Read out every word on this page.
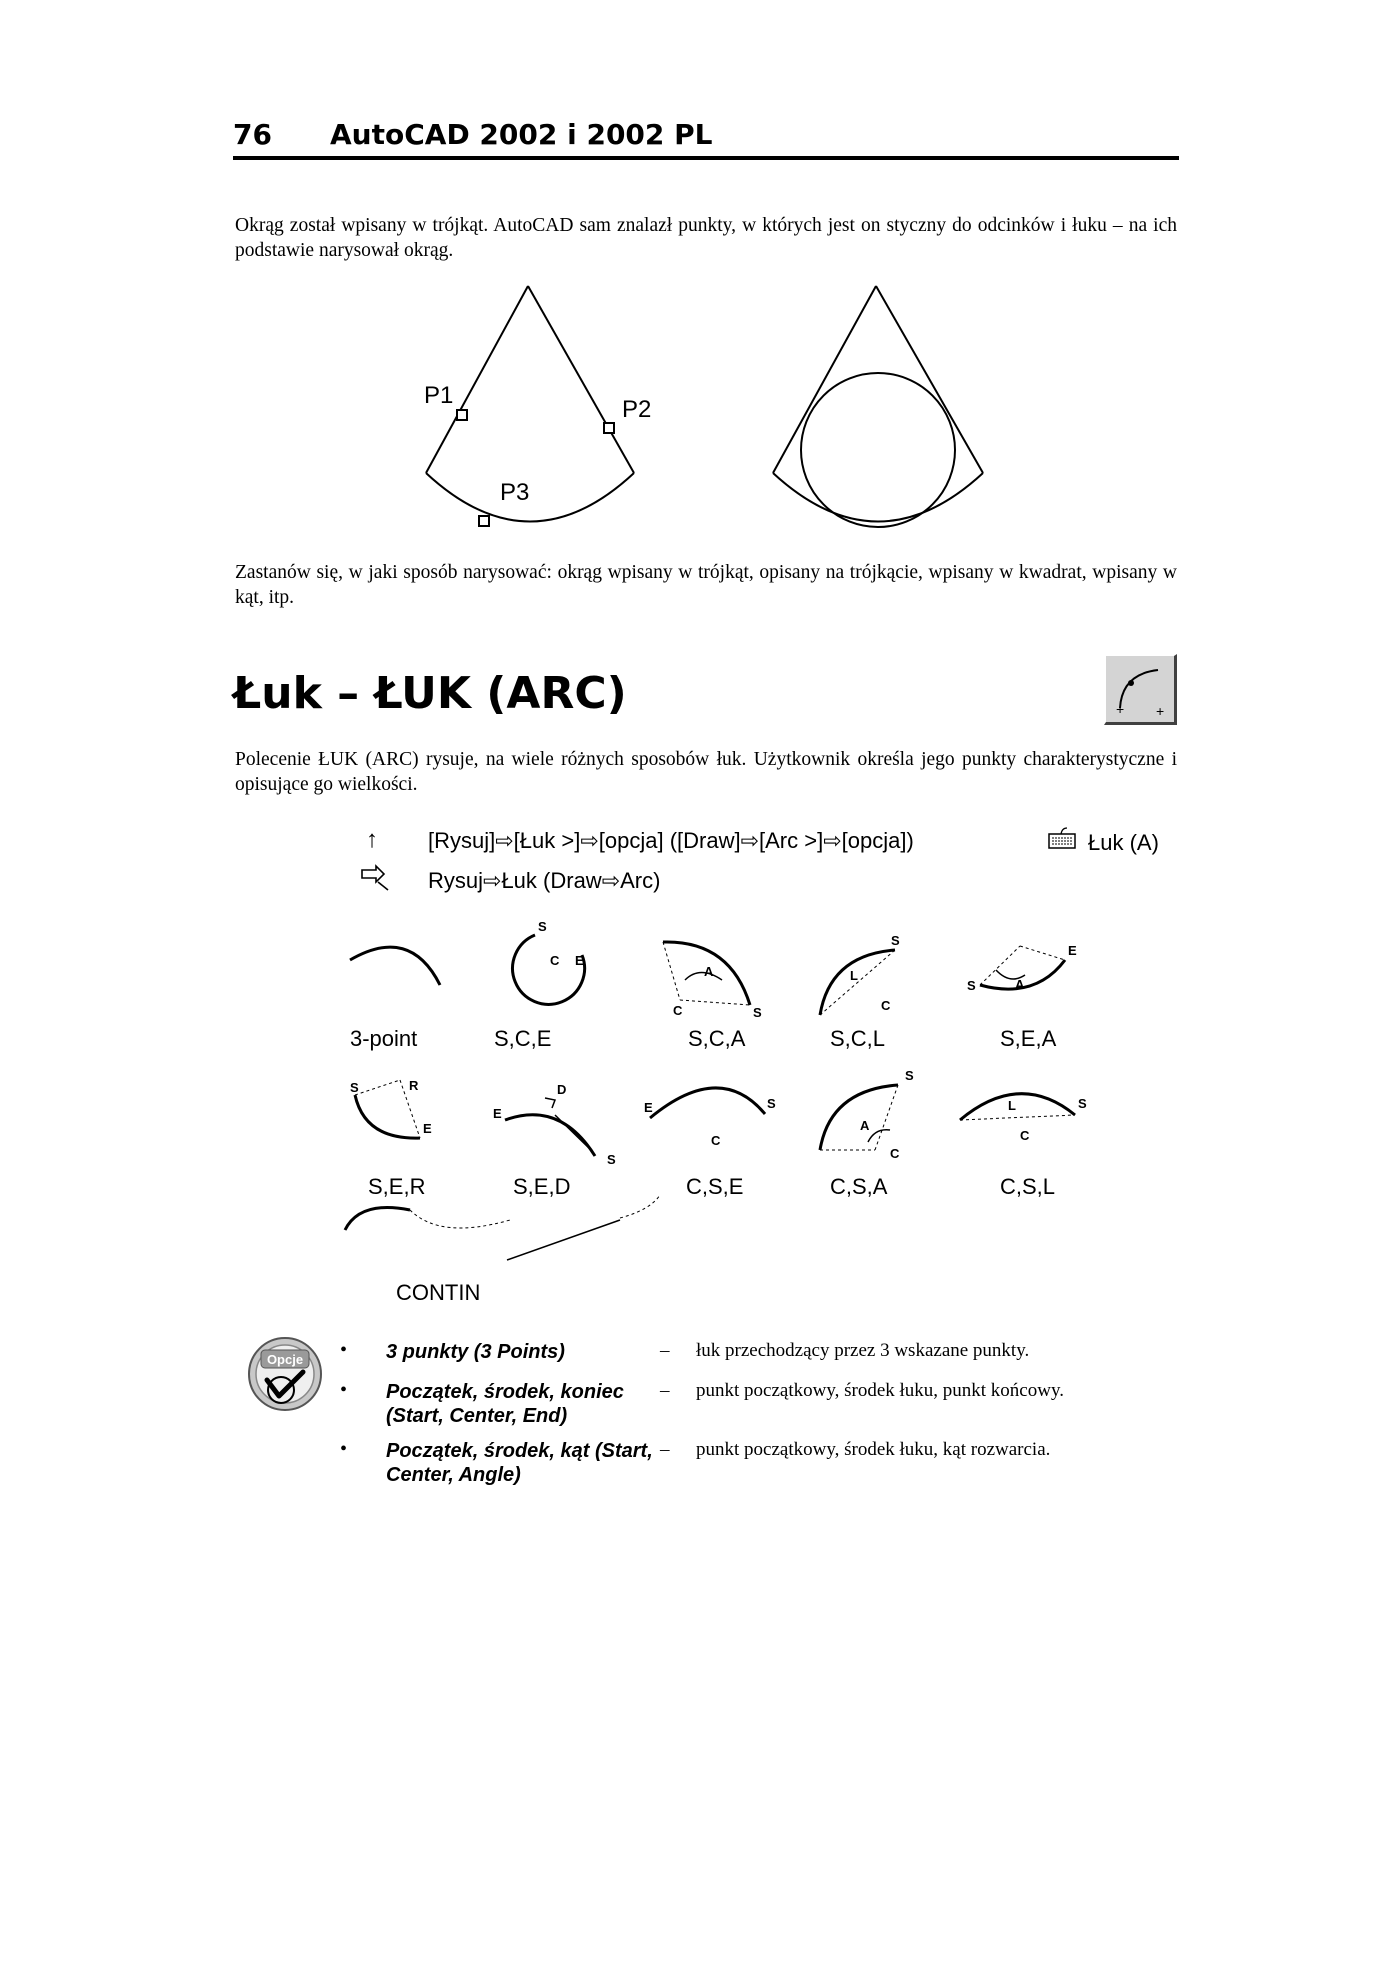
76 AutoCAD 2002 i 2002 PL
Okrąg został wpisany w trójkąt. AutoCAD sam znalazł punkty, w których jest on styczny do odcinków i łuku – na ich podstawie narysował okrąg.
P1
P2
P3
Zastanów się, w jaki sposób narysować: okrąg wpisany w trójkąt, opisany na trójkącie, wpisany w kwadrat, wpisany w kąt, itp.
Łuk – ŁUK (ARC)	+ +
Polecenie ŁUK (ARC) rysuje, na wiele różnych sposobów łuk. Użytkownik określa jego punkty charakterystyczne i opisujące go wielkości.
↑ [Rysuj]⇨[Łuk >]⇨[opcja] ([Draw]⇨[Arc >]⇨[opcja])	Łuk (A)
Rysuj⇨Łuk (Draw⇨Arc)
S
C E
A
C	S
S
L
C
E
S	A
S	R
E
D
E
S
E	S
C
S
A
C
L	S
C
3-point	S,C,E	S,C,A	S,C,L	S,E,A
S,E,R	S,E,D	C,S,E	C,S,A	C,S,L
CONTIN
Opcje • 3 punkty (3 Points)	– łuk przechodzący przez 3 wskazane punkty.
• Początek, środek, koniec (Start, Center, End)
– punkt początkowy, środek łuku, punkt końcowy.
• Początek, środek, kąt (Start, Center, Angle)
– punkt początkowy, środek łuku, kąt rozwarcia.
